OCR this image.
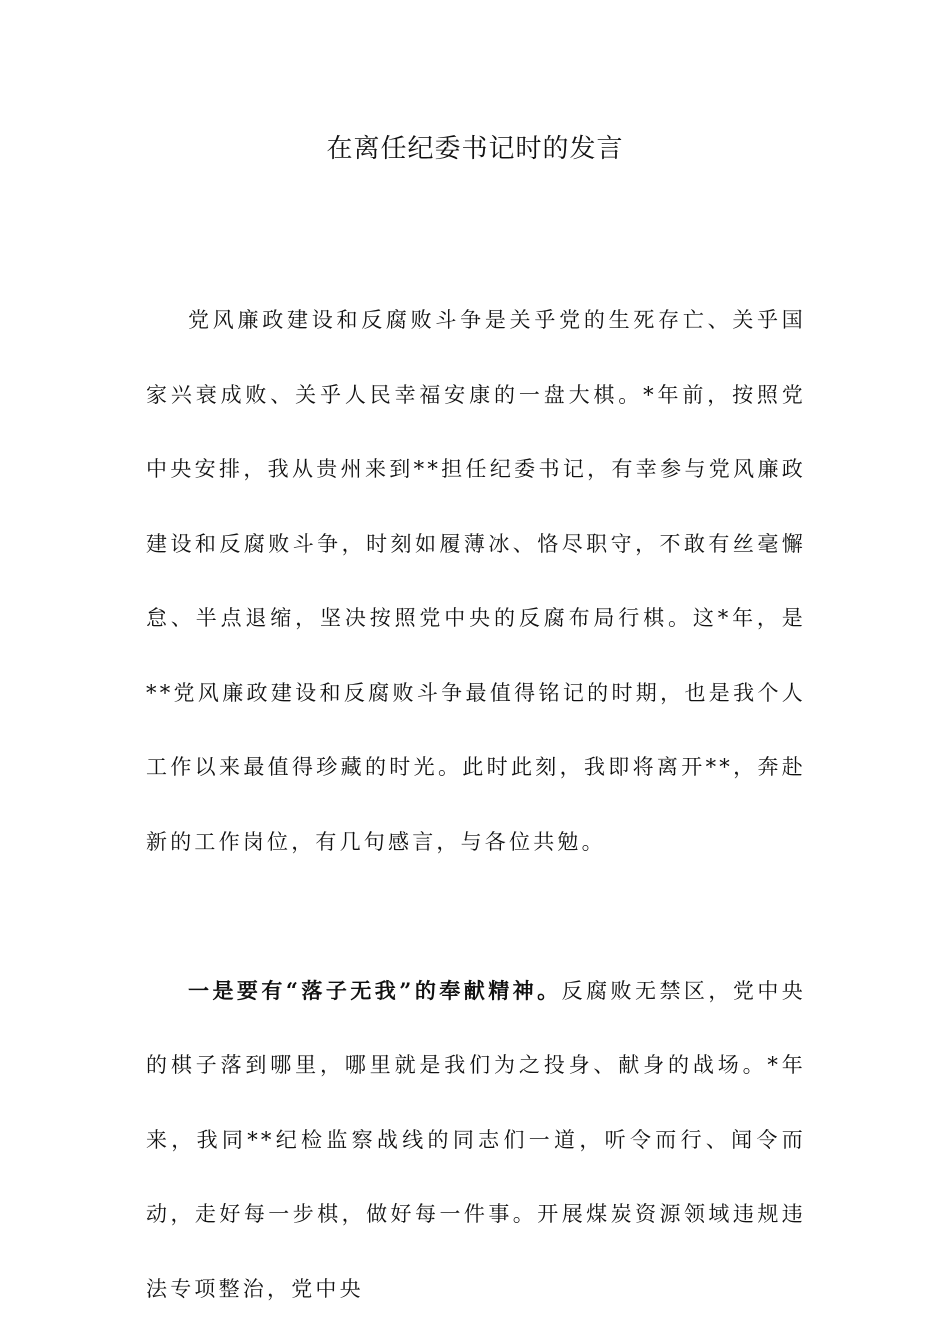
在离任纪委书记时的发言

党风廉政建设和反腐败斗争是关乎党的生死存亡、关乎国家兴衰成败、关乎人民幸福安康的一盘大棋。*年前，按照党中央安排，我从贵州来到**担任纪委书记，有幸参与党风廉政建设和反腐败斗争，时刻如履薄冰、恪尽职守，不敢有丝毫懈怠、半点退缩，坚决按照党中央的反腐布局行棋。这*年，是**党风廉政建设和反腐败斗争最值得铭记的时期，也是我个人工作以来最值得珍藏的时光。此时此刻，我即将离开**，奔赴新的工作岗位，有几句感言，与各位共勉。

一是要有“落子无我”的奉献精神。反腐败无禁区，党中央的棋子落到哪里，哪里就是我们为之投身、献身的战场。*年来，我同**纪检监察战线的同志们一道，听令而行、闻令而动，走好每一步棋，做好每一件事。开展煤炭资源领域违规违法专项整治，党中央
